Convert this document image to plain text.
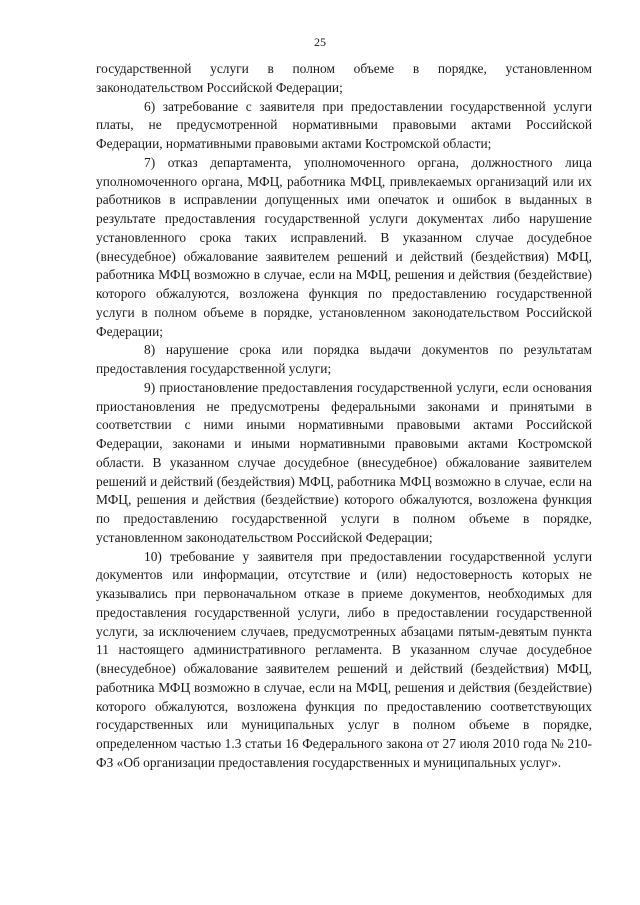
25

государственной услуги в полном объеме в порядке, установленном законодательством Российской Федерации;

6) затребование с заявителя при предоставлении государственной услуги платы, не предусмотренной нормативными правовыми актами Российской Федерации, нормативными правовыми актами Костромской области;

7) отказ департамента, уполномоченного органа, должностного лица уполномоченного органа, МФЦ, работника МФЦ, привлекаемых организаций или их работников в исправлении допущенных ими опечаток и ошибок в выданных в результате предоставления государственной услуги документах либо нарушение установленного срока таких исправлений. В указанном случае досудебное (внесудебное) обжалование заявителем решений и действий (бездействия) МФЦ, работника МФЦ возможно в случае, если на МФЦ, решения и действия (бездействие) которого обжалуются, возложена функция по предоставлению государственной услуги в полном объеме в порядке, установленном законодательством Российской Федерации;

8) нарушение срока или порядка выдачи документов по результатам предоставления государственной услуги;

9) приостановление предоставления государственной услуги, если основания приостановления не предусмотрены федеральными законами и принятыми в соответствии с ними иными нормативными правовыми актами Российской Федерации, законами и иными нормативными правовыми актами Костромской области. В указанном случае досудебное (внесудебное) обжалование заявителем решений и действий (бездействия) МФЦ, работника МФЦ возможно в случае, если на МФЦ, решения и действия (бездействие) которого обжалуются, возложена функция по предоставлению государственной услуги в полном объеме в порядке, установленном законодательством Российской Федерации;

10) требование у заявителя при предоставлении государственной услуги документов или информации, отсутствие и (или) недостоверность которых не указывались при первоначальном отказе в приеме документов, необходимых для предоставления государственной услуги, либо в предоставлении государственной услуги, за исключением случаев, предусмотренных абзацами пятым-девятым пункта 11 настоящего административного регламента. В указанном случае досудебное (внесудебное) обжалование заявителем решений и действий (бездействия) МФЦ, работника МФЦ возможно в случае, если на МФЦ, решения и действия (бездействие) которого обжалуются, возложена функция по предоставлению соответствующих государственных или муниципальных услуг в полном объеме в порядке, определенном частью 1.3 статьи 16 Федерального закона от 27 июля 2010 года № 210-ФЗ «Об организации предоставления государственных и муниципальных услуг».
